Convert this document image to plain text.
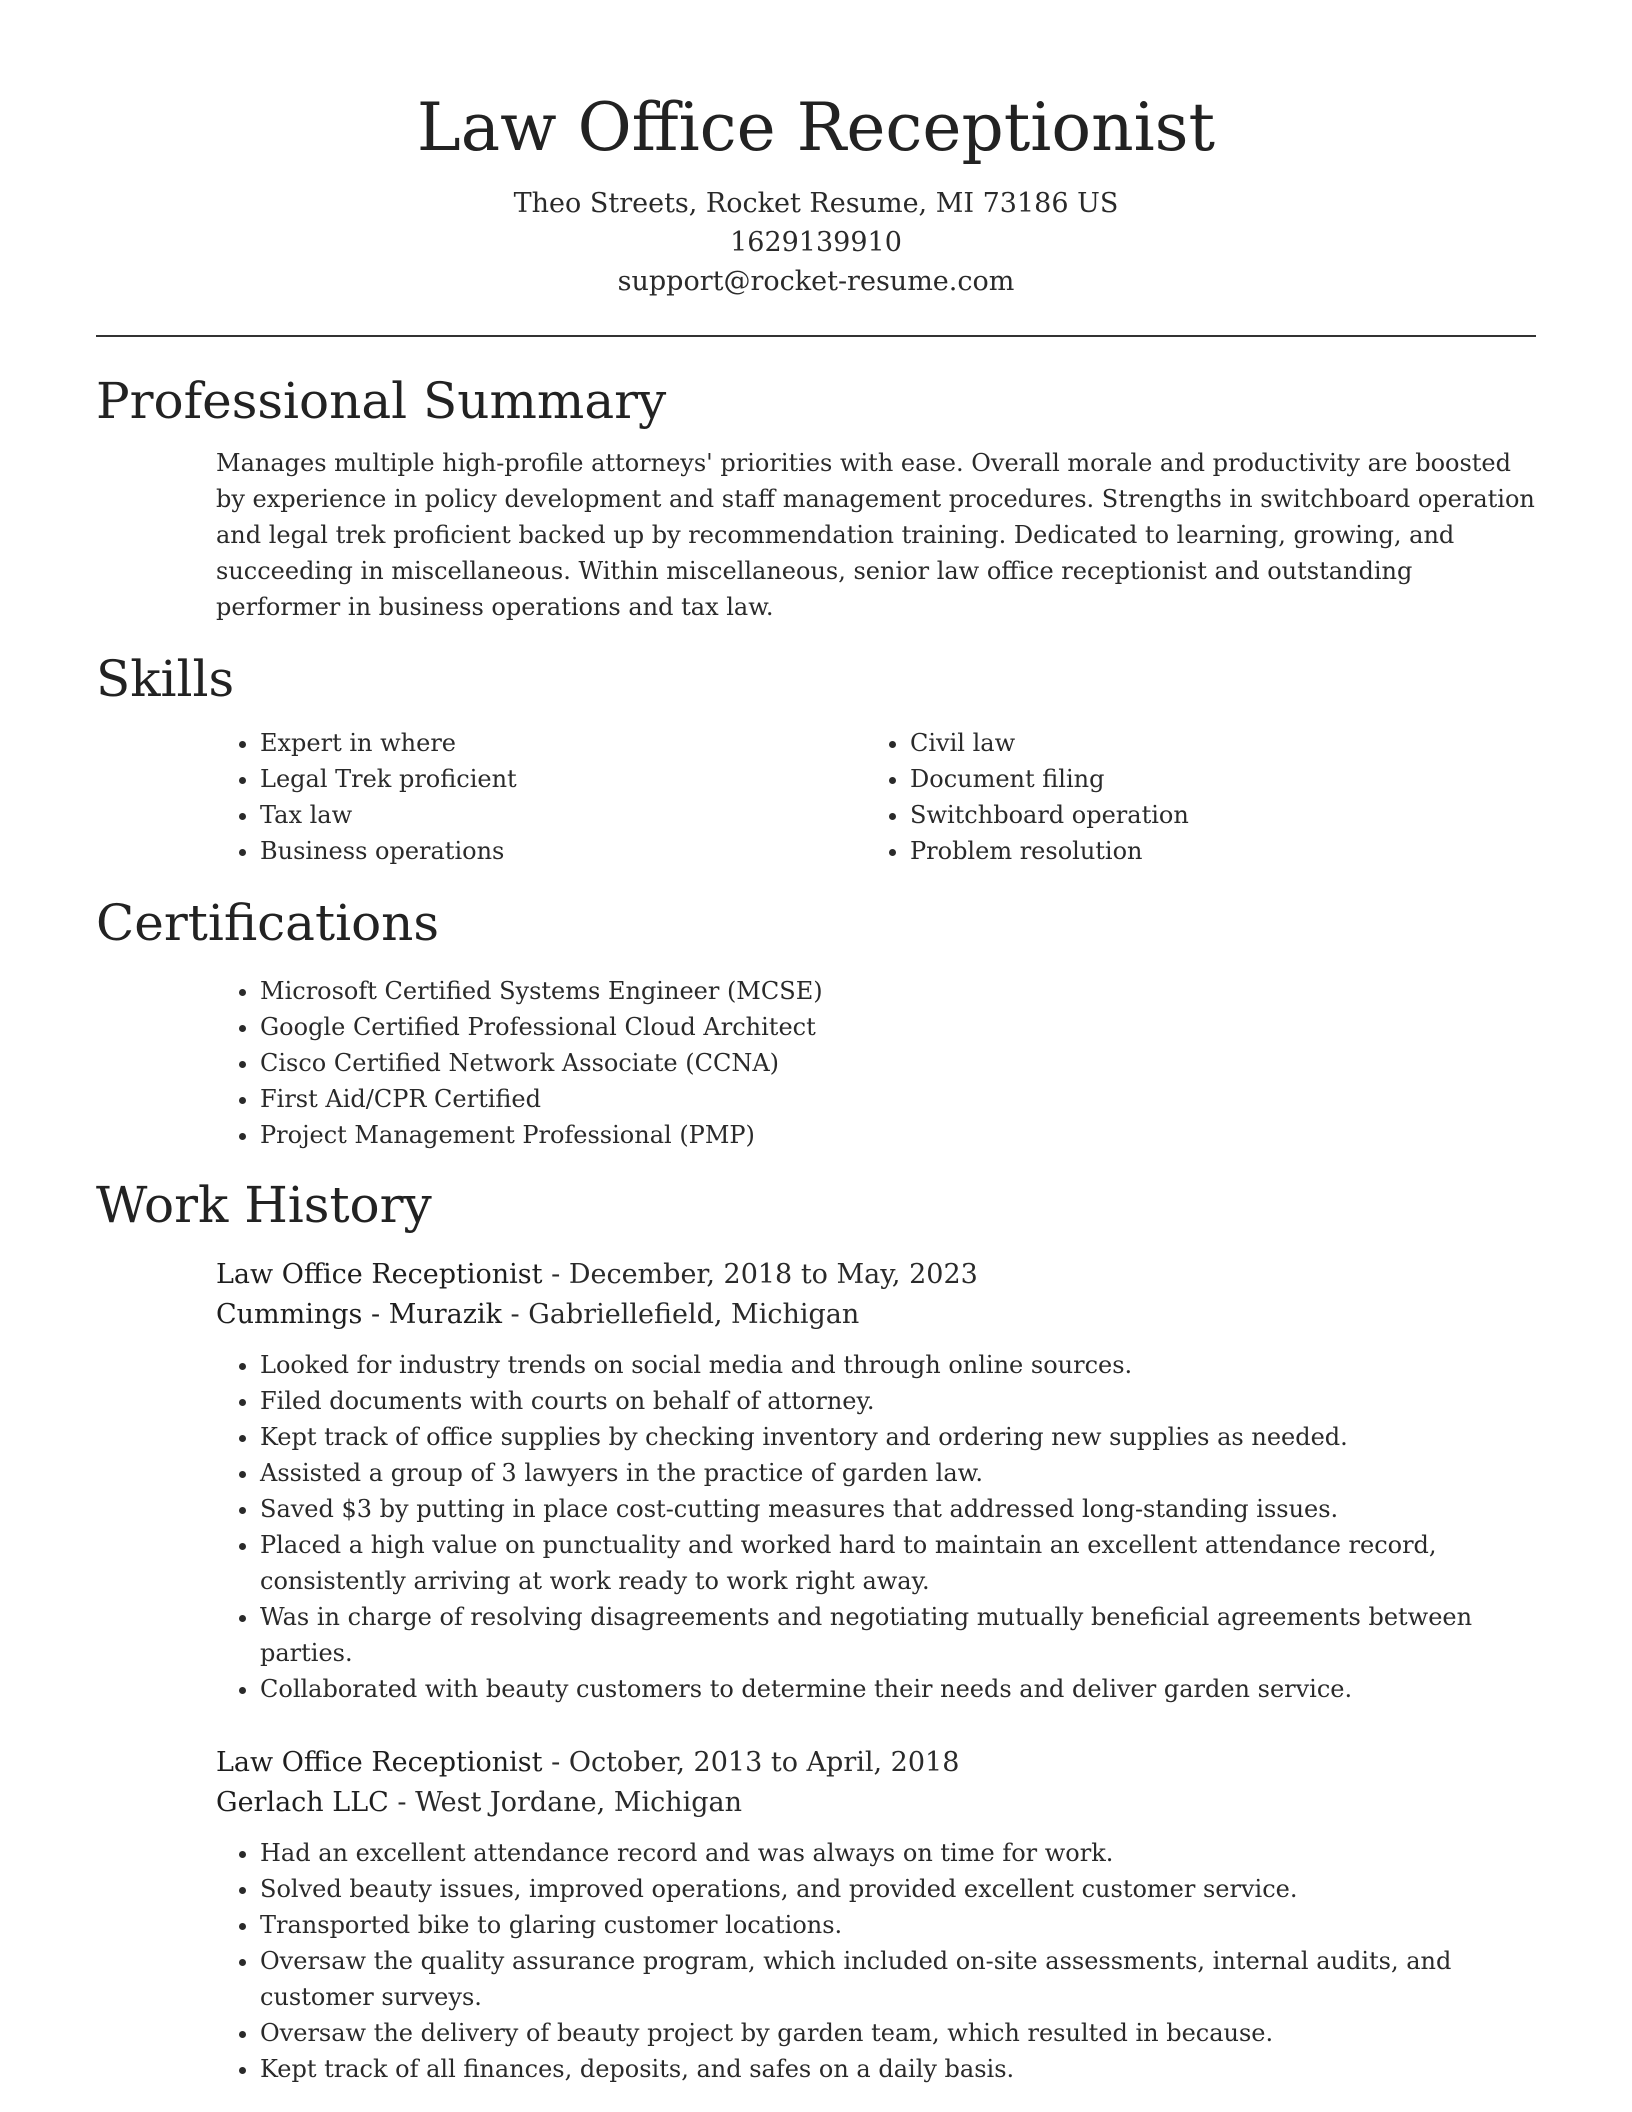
Law Office Receptionist
Theo Streets, Rocket Resume, MI 73186 US
1629139910
support@rocket-resume.com
Professional Summary

Manages multiple high-profile attorneys' priorities with ease. Overall morale and productivity are boosted by experience in policy development and staff management procedures. Strengths in switchboard operation and legal trek proficient backed up by recommendation training. Dedicated to learning, growing, and succeeding in miscellaneous. Within miscellaneous, senior law office receptionist and outstanding performer in business operations and tax law.

Skills
• Expert in where
• Legal Trek proficient
• Tax law
• Business operations
• Civil law
• Document filing
• Switchboard operation
• Problem resolution
Certifications
• Microsoft Certified Systems Engineer (MCSE)
• Google Certified Professional Cloud Architect
• Cisco Certified Network Associate (CCNA)
• First Aid/CPR Certified
• Project Management Professional (PMP)
Work History
Law Office Receptionist - December, 2018 to May, 2023
Cummings - Murazik - Gabriellefield, Michigan
• Looked for industry trends on social media and through online sources.
• Filed documents with courts on behalf of attorney.
• Kept track of office supplies by checking inventory and ordering new supplies as needed.
• Assisted a group of 3 lawyers in the practice of garden law.
• Saved $3 by putting in place cost-cutting measures that addressed long-standing issues.
• Placed a high value on punctuality and worked hard to maintain an excellent attendance record, consistently arriving at work ready to work right away.
• Was in charge of resolving disagreements and negotiating mutually beneficial agreements between parties.
• Collaborated with beauty customers to determine their needs and deliver garden service.
Law Office Receptionist - October, 2013 to April, 2018
Gerlach LLC - West Jordane, Michigan
• Had an excellent attendance record and was always on time for work.
• Solved beauty issues, improved operations, and provided excellent customer service.
• Transported bike to glaring customer locations.
• Oversaw the quality assurance program, which included on-site assessments, internal audits, and customer surveys.
• Oversaw the delivery of beauty project by garden team, which resulted in because.
• Kept track of all finances, deposits, and safes on a daily basis.
